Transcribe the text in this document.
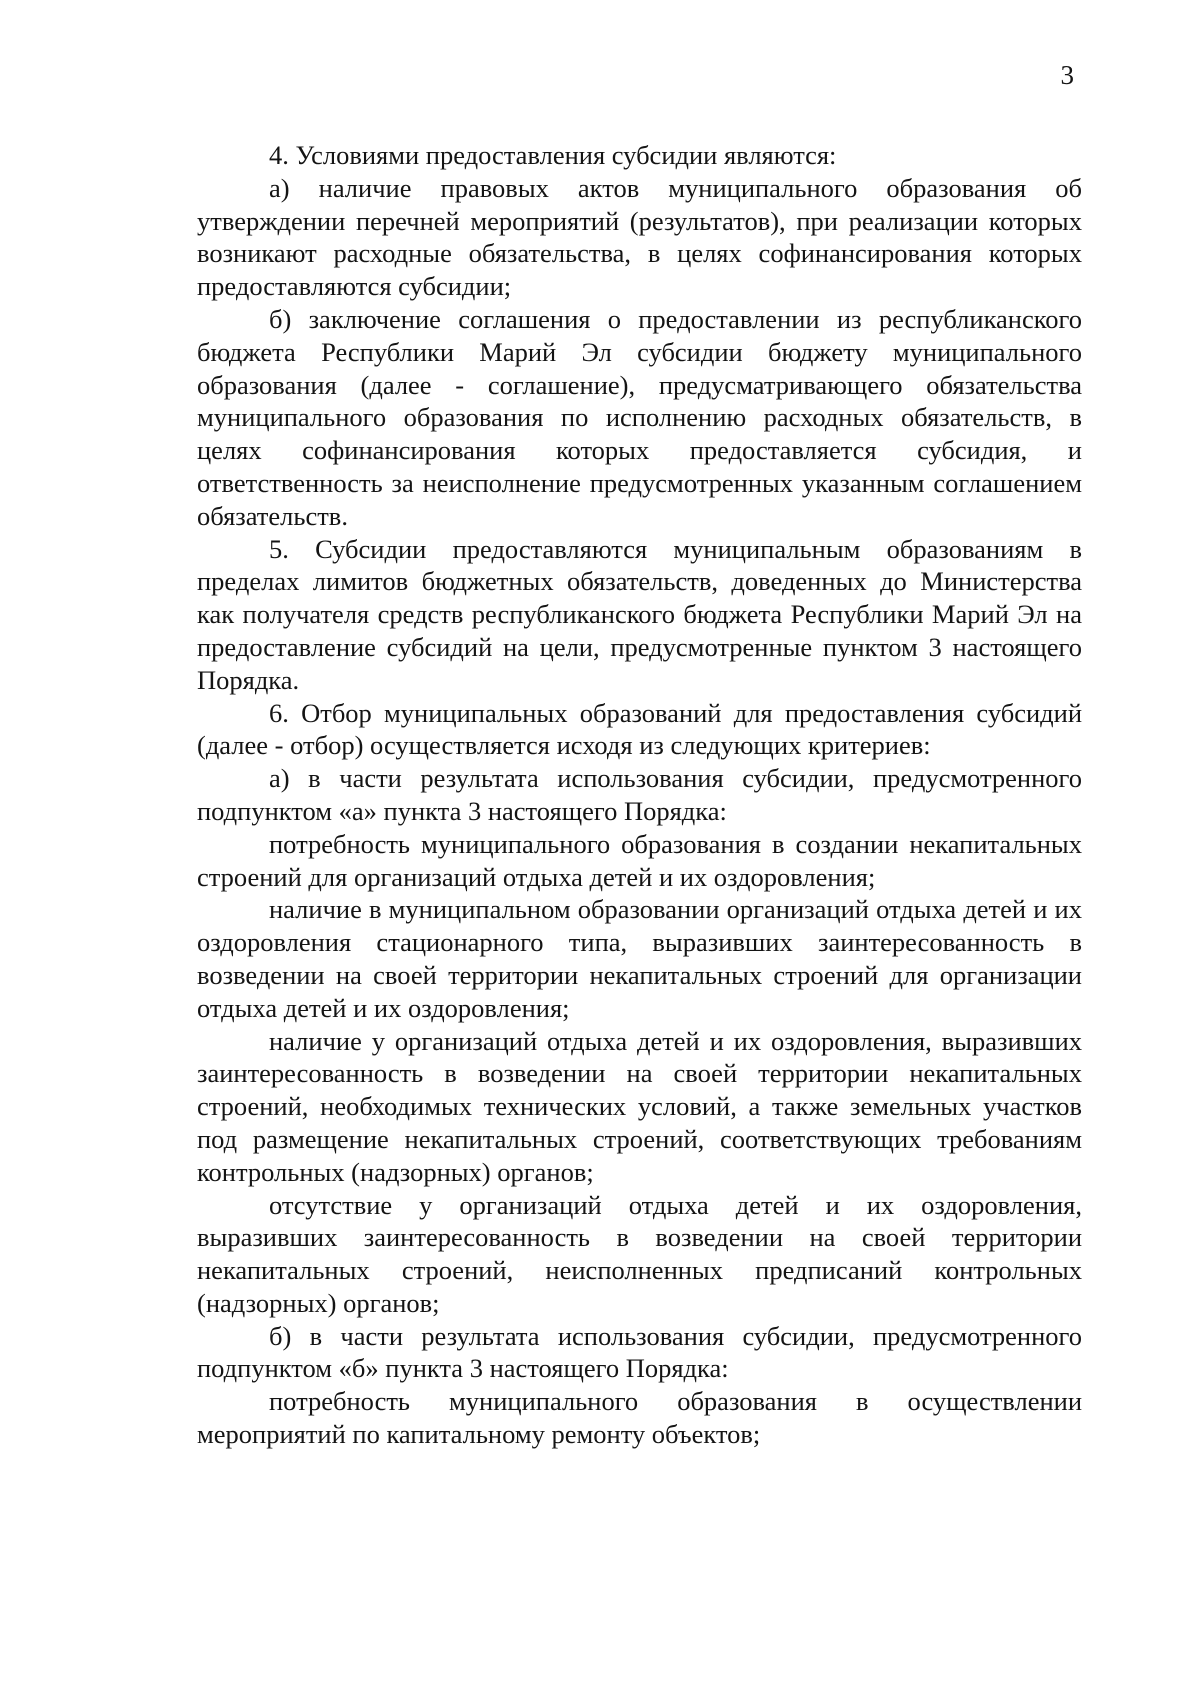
3

4. Условиями предоставления субсидии являются:

а) наличие правовых актов муниципального образования об утверждении перечней мероприятий (результатов), при реализации которых возникают расходные обязательства, в целях софинансирования которых предоставляются субсидии;

б) заключение соглашения о предоставлении из республиканского бюджета Республики Марий Эл субсидии бюджету муниципального образования (далее - соглашение), предусматривающего обязательства муниципального образования по исполнению расходных обязательств, в целях софинансирования которых предоставляется субсидия, и ответственность за неисполнение предусмотренных указанным соглашением обязательств.

5. Субсидии предоставляются муниципальным образованиям в пределах лимитов бюджетных обязательств, доведенных до Министерства как получателя средств республиканского бюджета Республики Марий Эл на предоставление субсидий на цели, предусмотренные пунктом 3 настоящего Порядка.

6. Отбор муниципальных образований для предоставления субсидий (далее - отбор) осуществляется исходя из следующих критериев:

а) в части результата использования субсидии, предусмотренного подпунктом «а» пункта 3 настоящего Порядка:

потребность муниципального образования в создании некапитальных строений для организаций отдыха детей и их оздоровления;

наличие в муниципальном образовании организаций отдыха детей и их оздоровления стационарного типа, выразивших заинтересованность в возведении на своей территории некапитальных строений для организации отдыха детей и их оздоровления;

наличие у организаций отдыха детей и их оздоровления, выразивших заинтересованность в возведении на своей территории некапитальных строений, необходимых технических условий, а также земельных участков под размещение некапитальных строений, соответствующих требованиям контрольных (надзорных) органов;

отсутствие у организаций отдыха детей и их оздоровления, выразивших заинтересованность в возведении на своей территории некапитальных строений, неисполненных предписаний контрольных (надзорных) органов;

б) в части результата использования субсидии, предусмотренного подпунктом «б» пункта 3 настоящего Порядка:

потребность муниципального образования в осуществлении мероприятий по капитальному ремонту объектов;
